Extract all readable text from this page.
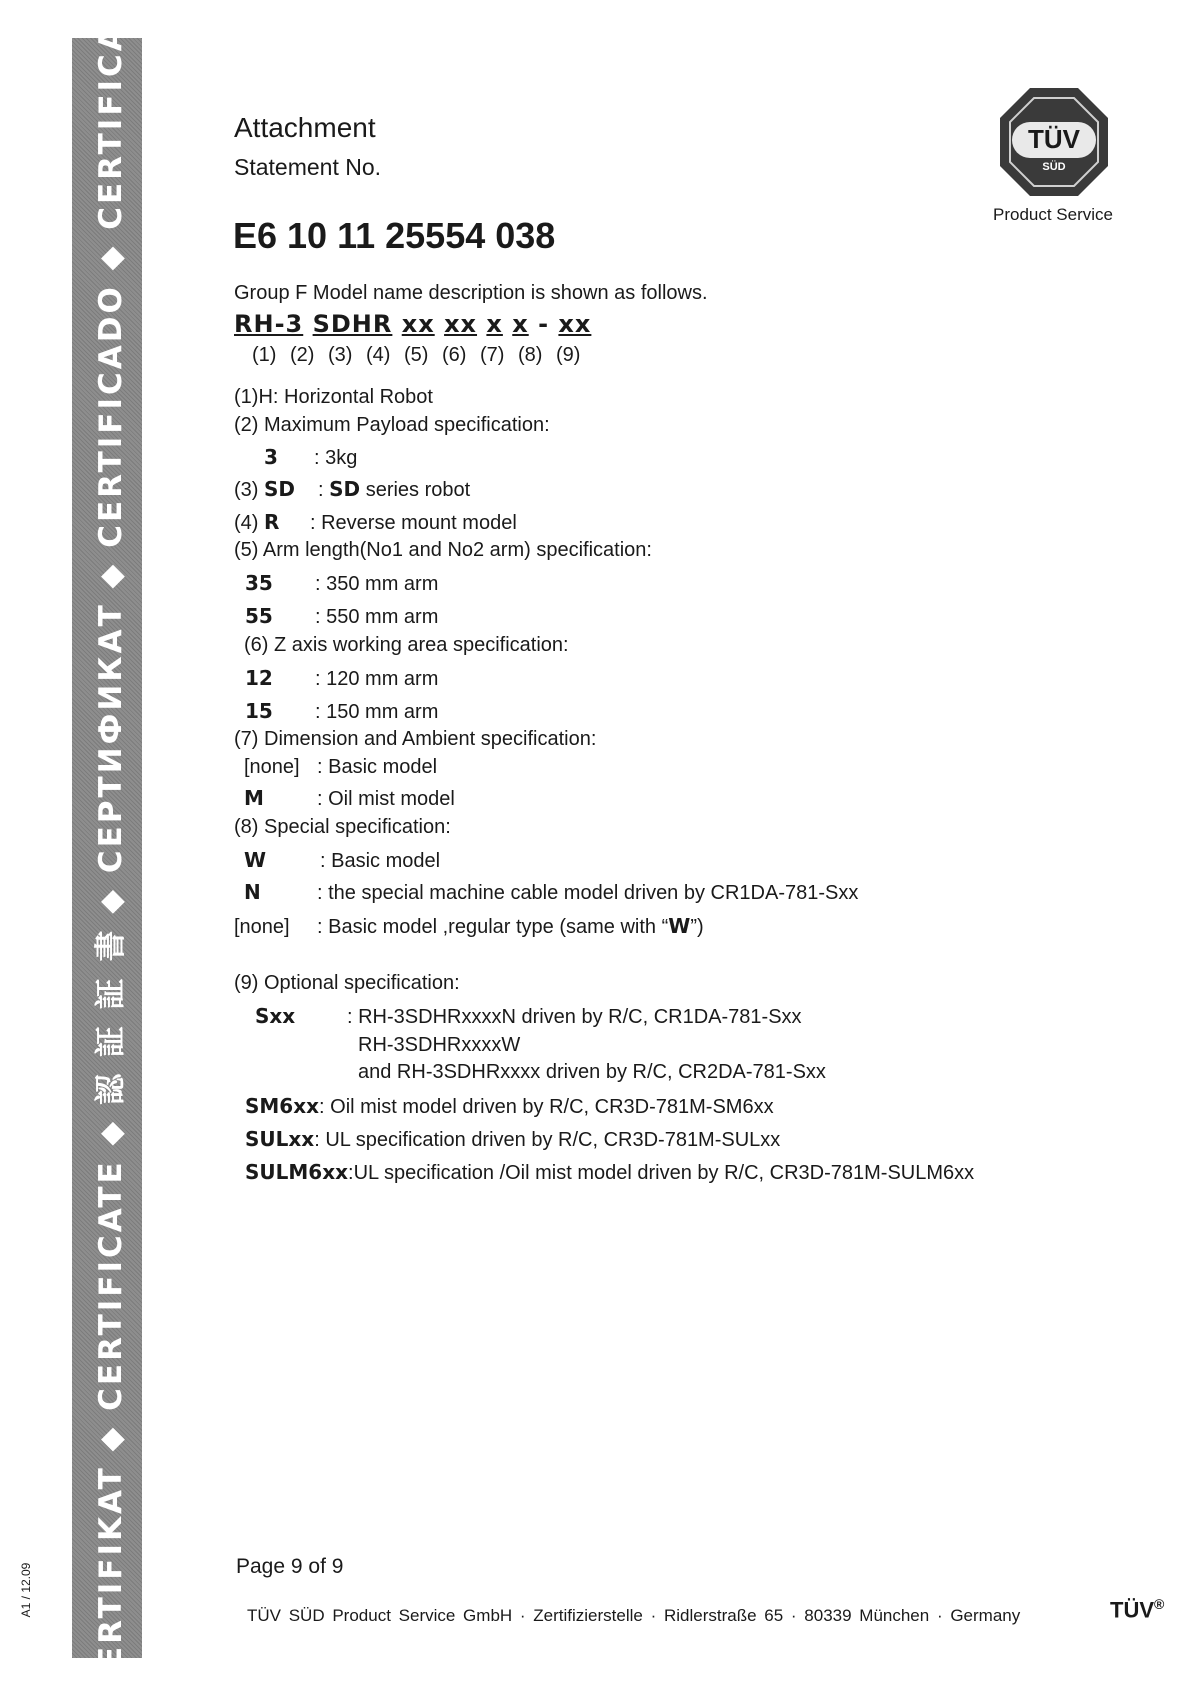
ZERTIFIKAT ◆ CERTIFICATE ◆ 認 証 証 書 ◆ СЕРТИФИКАТ ◆ CERTIFICADO ◆ CERTIFICAT
A1 / 12.09
TÜV
SÜD
Product Service
Attachment
Statement No.
E6 10 11 25554 038
Group F Model name description is shown as follows.
RH-3 SDHR xx xx x x - xx
(1) (2) (3) (4) (5) (6) (7) (8) (9)
(1)H: Horizontal Robot
(2) Maximum Payload specification:
3 : 3kg
(3) SD : SD series robot
(4) R : Reverse mount model
(5) Arm length(No1 and No2 arm) specification:
35 : 350 mm arm
55 : 550 mm arm
(6) Z axis working area specification:
12 : 120 mm arm
15 : 150 mm arm
(7) Dimension and Ambient specification:
[none] : Basic model
M	: Oil mist model
(8) Special specification:
W	: Basic model
N	: the special machine cable model driven by CR1DA-781-Sxx
[none] : Basic model ,regular type (same with “W”)
(9) Optional specification:
Sxx	: RH-3SDHRxxxxN driven by R/C, CR1DA-781-Sxx
RH-3SDHRxxxxW
and RH-3SDHRxxxx driven by R/C, CR2DA-781-Sxx
SM6xx: Oil mist model driven by R/C, CR3D-781M-SM6xx
SULxx: UL specification driven by R/C, CR3D-781M-SULxx
SULM6xx:UL specification /Oil mist model driven by R/C, CR3D-781M-SULM6xx
Page 9 of 9
TÜV SÜD Product Service GmbH · Zertifizierstelle · Ridlerstraße 65 · 80339 München · Germany	TÜV®
